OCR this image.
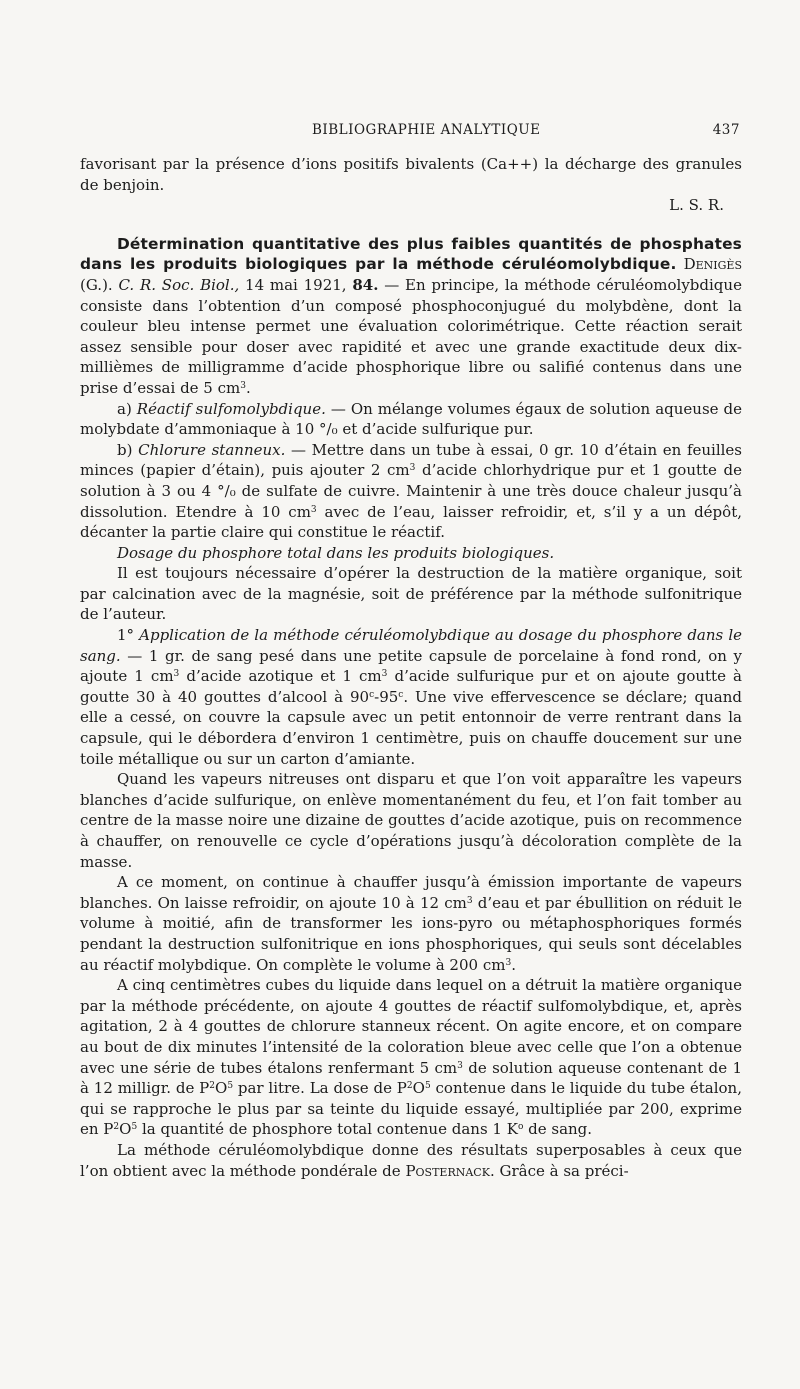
BIBLIOGRAPHIE ANALYTIQUE	437

favorisant par la présence d’ions positifs bivalents (Ca++) la décharge des granules de benjoin.

L. S. R.

Détermination quantitative des plus faibles quantités de phosphates dans les produits biologiques par la méthode céruléomolybdique. Denigès (G.). C. R. Soc. Biol., 14 mai 1921, 84. — En principe, la méthode céruléomolybdique consiste dans l’obtention d’un composé phosphoconjugué du molybdène, dont la couleur bleu intense permet une évaluation colorimétrique. Cette réaction serait assez sensible pour doser avec rapidité et avec une grande exactitude deux dix-millièmes de milligramme d’acide phosphorique libre ou salifié contenus dans une prise d’essai de 5 $cm^3$.

a) Réactif sulfomolybdique. — On mélange volumes égaux de solution aqueuse de molybdate d’ammoniaque à 10 °/₀ et d’acide sulfurique pur.

b) Chlorure stanneux. — Mettre dans un tube à essai, 0 gr. 10 d’étain en feuilles minces (papier d’étain), puis ajouter 2 $cm^3$ d’acide chlorhydrique pur et 1 goutte de solution à 3 ou 4 °/₀ de sulfate de cuivre. Maintenir à une très douce chaleur jusqu’à dissolution. Etendre à 10 $cm^3$ avec de l’eau, laisser refroidir, et, s’il y a un dépôt, décanter la partie claire qui constitue le réactif.

Dosage du phosphore total dans les produits biologiques.

Il est toujours nécessaire d’opérer la destruction de la matière organique, soit par calcination avec de la magnésie, soit de préférence par la méthode sulfonitrique de l’auteur.

1° Application de la méthode céruléomolybdique au dosage du phosphore dans le sang. — 1 gr. de sang pesé dans une petite capsule de porcelaine à fond rond, on y ajoute 1 $cm^3$ d’acide azotique et 1 $cm^3$ d’acide sulfurique pur et on ajoute goutte à goutte 30 à 40 gouttes d’alcool à 90$^c$-95$^c$. Une vive effervescence se déclare; quand elle a cessé, on couvre la capsule avec un petit entonnoir de verre rentrant dans la capsule, qui le débordera d’environ 1 centimètre, puis on chauffe doucement sur une toile métallique ou sur un carton d’amiante.

Quand les vapeurs nitreuses ont disparu et que l’on voit apparaître les vapeurs blanches d’acide sulfurique, on enlève momentanément du feu, et l’on fait tomber au centre de la masse noire une dizaine de gouttes d’acide azotique, puis on recommence à chauffer, on renouvelle ce cycle d’opérations jusqu’à décoloration complète de la masse.

A ce moment, on continue à chauffer jusqu’à émission importante de vapeurs blanches. On laisse refroidir, on ajoute 10 à 12 $cm^3$ d’eau et par ébullition on réduit le volume à moitié, afin de transformer les ions-pyro ou métaphosphoriques formés pendant la destruction sulfonitrique en ions phosphoriques, qui seuls sont décelables au réactif molybdique. On complète le volume à 200 $cm^3$.

A cinq centimètres cubes du liquide dans lequel on a détruit la matière organique par la méthode précédente, on ajoute 4 gouttes de réactif sulfomolybdique, et, après agitation, 2 à 4 gouttes de chlorure stanneux récent. On agite encore, et on compare au bout de dix minutes l’intensité de la coloration bleue avec celle que l’on a obtenue avec une série de tubes étalons renfermant 5 $cm^3$ de solution aqueuse contenant de 1 à 12 milligr. de $P^2O^5$ par litre. La dose de $P^2O^5$ contenue dans le liquide du tube étalon, qui se rapproche le plus par sa teinte du liquide essayé, multipliée par 200, exprime en $P^2O^5$ la quantité de phosphore total contenue dans 1 $K^o$ de sang.

La méthode céruléomolybdique donne des résultats superposables à ceux que l’on obtient avec la méthode pondérale de Posternack. Grâce à sa préci-
